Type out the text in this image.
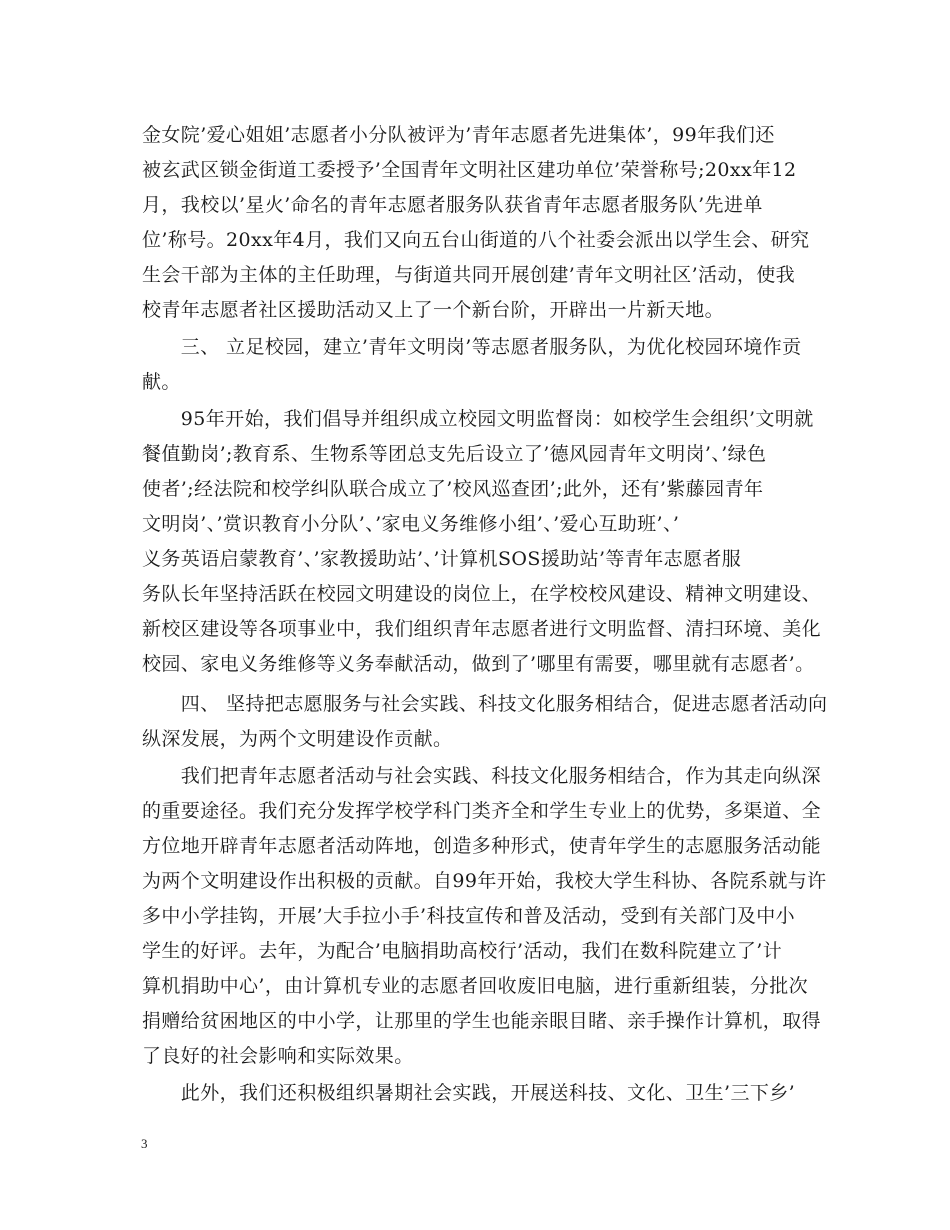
金女院’爱心姐姐’志愿者小分队被评为’青年志愿者先进集体’，99年我们还
被玄武区锁金街道工委授予’全国青年文明社区建功单位’荣誉称号;20xx年12
月，我校以’星火’命名的青年志愿者服务队获省青年志愿者服务队’先进单
位’称号。20xx年4月，我们又向五台山街道的八个社委会派出以学生会、研究
生会干部为主体的主任助理，与街道共同开展创建’青年文明社区’活动，使我
校青年志愿者社区援助活动又上了一个新台阶，开辟出一片新天地。
　　三、 立足校园，建立’青年文明岗’等志愿者服务队，为优化校园环境作贡
献。
　　95年开始，我们倡导并组织成立校园文明监督岗：如校学生会组织’文明就
餐值勤岗’;教育系、生物系等团总支先后设立了’德风园青年文明岗’、’绿色
使者’;经法院和校学纠队联合成立了’校风巡查团’;此外，还有’紫藤园青年
文明岗’、’赏识教育小分队’、’家电义务维修小组’、’爱心互助班’、’
义务英语启蒙教育’、’家教援助站’、’计算机SOS援助站’等青年志愿者服
务队长年坚持活跃在校园文明建设的岗位上，在学校校风建设、精神文明建设、
新校区建设等各项事业中，我们组织青年志愿者进行文明监督、清扫环境、美化
校园、家电义务维修等义务奉献活动，做到了’哪里有需要，哪里就有志愿者’。
　　四、 坚持把志愿服务与社会实践、科技文化服务相结合，促进志愿者活动向
纵深发展，为两个文明建设作贡献。
　　我们把青年志愿者活动与社会实践、科技文化服务相结合，作为其走向纵深
的重要途径。我们充分发挥学校学科门类齐全和学生专业上的优势，多渠道、全
方位地开辟青年志愿者活动阵地，创造多种形式，使青年学生的志愿服务活动能
为两个文明建设作出积极的贡献。自99年开始，我校大学生科协、各院系就与许
多中小学挂钩，开展’大手拉小手’科技宣传和普及活动，受到有关部门及中小
学生的好评。去年，为配合’电脑捐助高校行’活动，我们在数科院建立了’计
算机捐助中心’，由计算机专业的志愿者回收废旧电脑，进行重新组装，分批次
捐赠给贫困地区的中小学，让那里的学生也能亲眼目睹、亲手操作计算机，取得
了良好的社会影响和实际效果。
　　此外，我们还积极组织暑期社会实践，开展送科技、文化、卫生’三下乡’
3
